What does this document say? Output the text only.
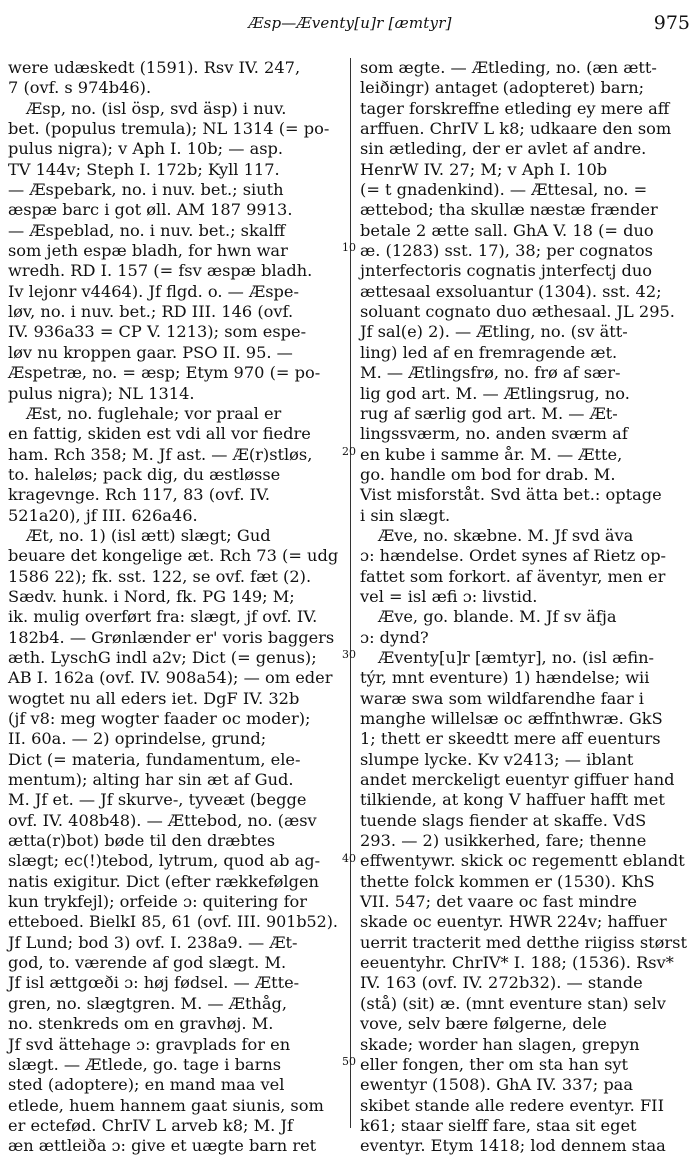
Æsp—Æventy[u]r [æmtyr]	975
were udæskedt (1591). Rsv IV. 247,
7 (ovf. s 974b46).
Æsp, no. (isl ösp, svd äsp) i nuv.
bet. (populus tremula); NL 1314 (= po-
pulus nigra); v Aph I. 10b; — asp.
TV 144v; Steph I. 172b; Kyll 117.
— Æspebark, no. i nuv. bet.; siuth
æspæ barc i got øll. AM 187 9913.
— Æspeblad, no. i nuv. bet.; skalff
som jeth espæ bladh, for hwn war
wredh. RD I. 157 (= fsv æspæ bladh.
Iv lejonr v4464). Jf flgd. o. — Æspe-
løv, no. i nuv. bet.; RD III. 146 (ovf.
IV. 936a33 = CP V. 1213); som espe-
løv nu kroppen gaar. PSO II. 95. —
Æspetræ, no. = æsp; Etym 970 (= po-
pulus nigra); NL 1314.
Æst, no. fuglehale; vor praal er
en fattig, skiden est vdi all vor fiedre
ham. Rch 358; M. Jf ast. — Æ(r)stløs,
to. haleløs; pack dig, du æstløsse
kragevnge. Rch 117, 83 (ovf. IV.
521a20), jf III. 626a46.
Æt, no. 1) (isl ætt) slægt; Gud
beuare det kongelige æt. Rch 73 (= udg
1586 22); fk. sst. 122, se ovf. fæt (2).
Sædv. hunk. i Nord, fk. PG 149; M;
ik. mulig overført fra: slægt, jf ovf. IV.
182b4. — Grønlænder er' voris baggers
æth. LyschG indl a2v; Dict (= genus);
AB I. 162a (ovf. IV. 908a54); — om eder
wogtet nu all eders iet. DgF IV. 32b
(jf v8: meg wogter faader oc moder);
II. 60a. — 2) oprindelse, grund;
Dict (= materia, fundamentum, ele-
mentum); alting har sin æt af Gud.
M. Jf et. — Jf skurve-, tyveæt (begge
ovf. IV. 408b48). — Ættebod, no. (æsv
ætta(r)bot) bøde til den dræbtes
slægt; ec(!)tebod, lytrum, quod ab ag-
natis exigitur. Dict (efter rækkefølgen
kun trykfejl); orfeide ɔ: quitering for
etteboed. BielkI 85, 61 (ovf. III. 901b52).
Jf Lund; bod 3) ovf. I. 238a9. — Æt-
god, to. værende af god slægt. M.
Jf isl ættgœði ɔ: høj fødsel. — Ætte-
gren, no. slægtgren. M. — Æthåg,
no. stenkreds om en gravhøj. M.
Jf svd ättehage ɔ: gravplads for en
slægt. — Ætlede, go. tage i barns
sted (adoptere); en mand maa vel
etlede, huem hannem gaat siunis, som
er ectefød. ChrIV L arveb k8; M. Jf
æn ættleiða ɔ: give et uægte barn ret
som ægte. — Ætleding, no. (æn ætt-
leiðingr) antaget (adopteret) barn;
tager forskreffne etleding ey mere aff
arffuen. ChrIV L k8; udkaare den som
sin ætleding, der er avlet af andre.
HenrW IV. 27; M; v Aph I. 10b
(= t gnadenkind). — Ættesal, no. =
ættebod; tha skullæ næstæ frænder
betale 2 ætte sall. GhA V. 18 (= duo
æ. (1283) sst. 17), 38; per cognatos
jnterfectoris cognatis jnterfectj duo
ættesaal exsoluantur (1304). sst. 42;
soluant cognato duo æthesaal. JL 295.
Jf sal(e) 2). — Ætling, no. (sv ätt-
ling) led af en fremragende æt.
M. — Ætlingsfrø, no. frø af sær-
lig god art. M. — Ætlingsrug, no.
rug af særlig god art. M. — Æt-
lingssværm, no. anden sværm af
en kube i samme år. M. — Ætte,
go. handle om bod for drab. M.
Vist misforståt. Svd ätta bet.: optage
i sin slægt.
Æve, no. skæbne. M. Jf svd äva
ɔ: hændelse. Ordet synes af Rietz op-
fattet som forkort. af äventyr, men er
vel = isl æfi ɔ: livstid.
Æve, go. blande. M. Jf sv äfja
ɔ: dynd?
Æventy[u]r [æmtyr], no. (isl æfin-
týr, mnt eventure) 1) hændelse; wii
waræ swa som wildfarendhe faar i
manghe willelsæ oc æffnthwræ. GkS
1; thett er skeedtt mere aff euenturs
slumpe lycke. Kv v2413; — iblant
andet merckeligt euentyr giffuer hand
tilkiende, at kong V haffuer hafft met
tuende slags fiender at skaffe. VdS
293. — 2) usikkerhed, fare; thenne
effwentywr. skick oc regementt eblandt
thette folck kommen er (1530). KhS
VII. 547; det vaare oc fast mindre
skade oc euentyr. HWR 224v; haffuer
uerrit tracterit med detthe riigiss størst
eeuentyhr. ChrIV* I. 188; (1536). Rsv*
IV. 163 (ovf. IV. 272b32). — stande
(stå) (sit) æ. (mnt eventure stan) selv
vove, selv bære følgerne, dele
skade; worder han slagen, grepyn
eller fongen, ther om sta han syt
ewentyr (1508). GhA IV. 337; paa
skibet stande alle redere eventyr. FII
k61; staar sielff fare, staa sit eget
eventyr. Etym 1418; lod dennem staa
10
20
30
40
50
